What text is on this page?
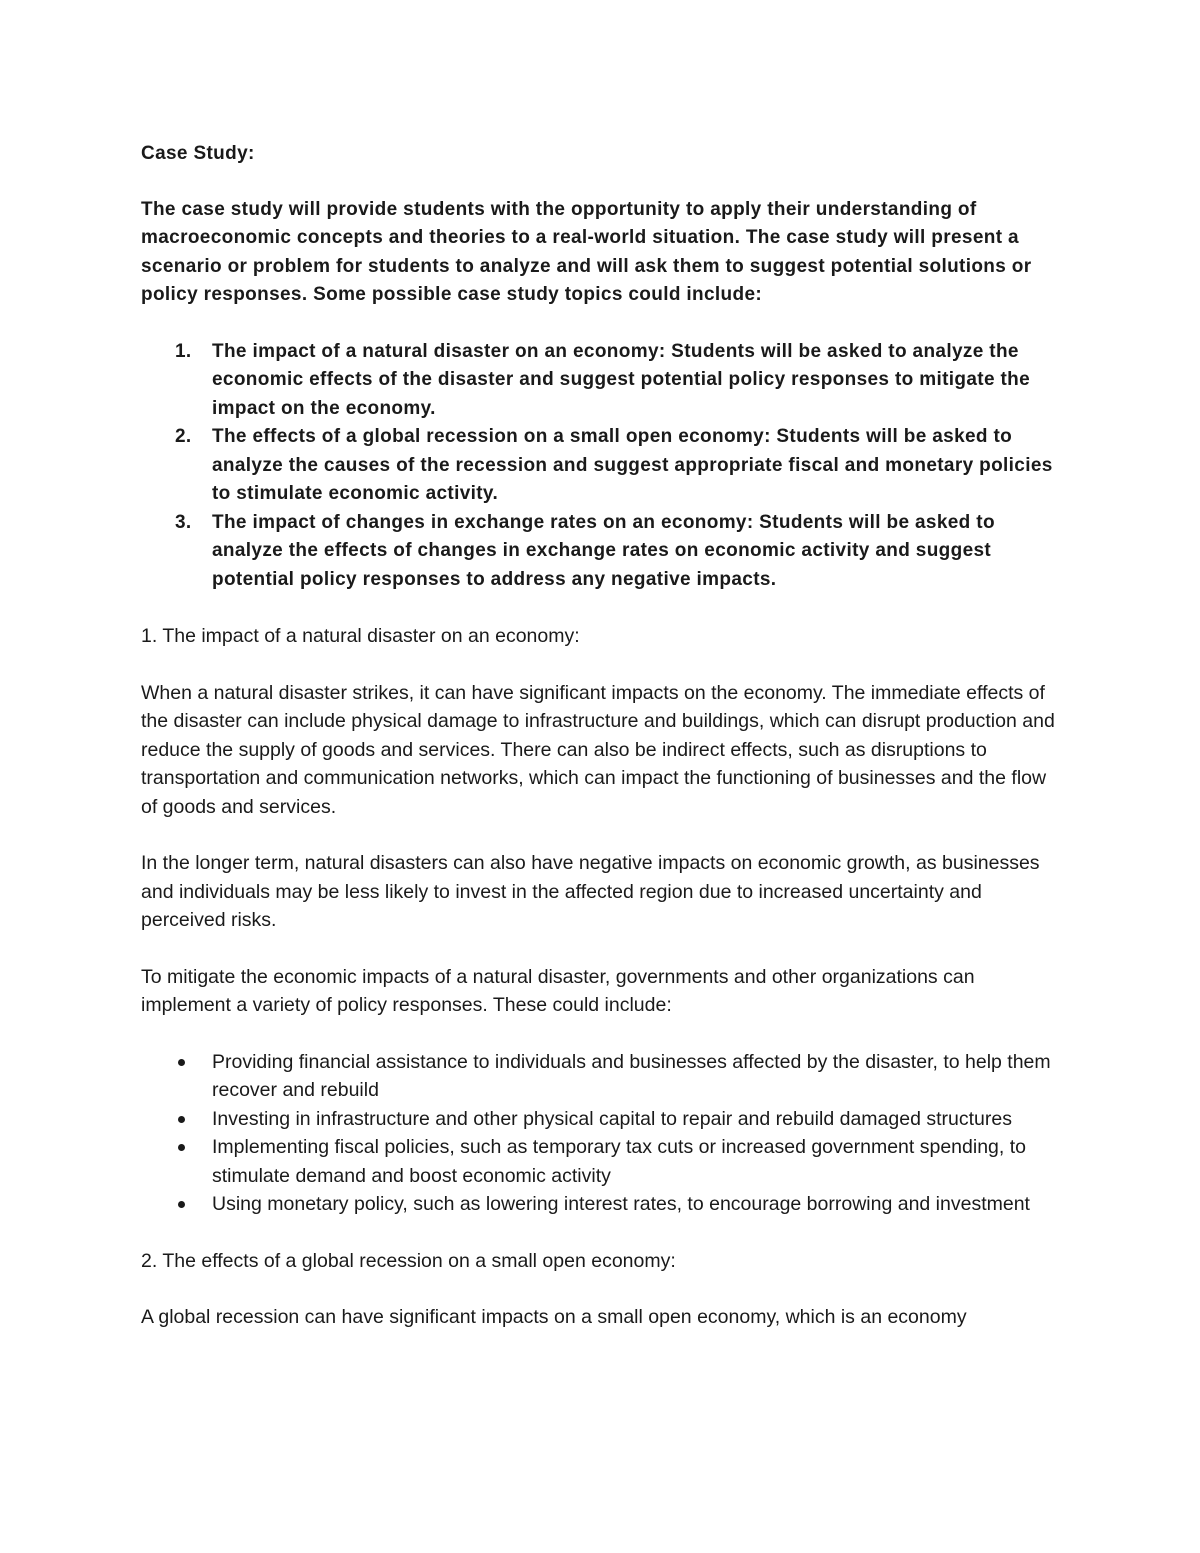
Case Study:
The case study will provide students with the opportunity to apply their understanding of macroeconomic concepts and theories to a real-world situation. The case study will present a scenario or problem for students to analyze and will ask them to suggest potential solutions or policy responses. Some possible case study topics could include:
1. The impact of a natural disaster on an economy: Students will be asked to analyze the economic effects of the disaster and suggest potential policy responses to mitigate the impact on the economy.
2. The effects of a global recession on a small open economy: Students will be asked to analyze the causes of the recession and suggest appropriate fiscal and monetary policies to stimulate economic activity.
3. The impact of changes in exchange rates on an economy: Students will be asked to analyze the effects of changes in exchange rates on economic activity and suggest potential policy responses to address any negative impacts.
1. The impact of a natural disaster on an economy:

When a natural disaster strikes, it can have significant impacts on the economy. The immediate effects of the disaster can include physical damage to infrastructure and buildings, which can disrupt production and reduce the supply of goods and services. There can also be indirect effects, such as disruptions to transportation and communication networks, which can impact the functioning of businesses and the flow of goods and services.

In the longer term, natural disasters can also have negative impacts on economic growth, as businesses and individuals may be less likely to invest in the affected region due to increased uncertainty and perceived risks.

To mitigate the economic impacts of a natural disaster, governments and other organizations can implement a variety of policy responses. These could include:

Providing financial assistance to individuals and businesses affected by the disaster, to help them recover and rebuild
Investing in infrastructure and other physical capital to repair and rebuild damaged structures
Implementing fiscal policies, such as temporary tax cuts or increased government spending, to stimulate demand and boost economic activity
Using monetary policy, such as lowering interest rates, to encourage borrowing and investment
2. The effects of a global recession on a small open economy:

A global recession can have significant impacts on a small open economy, which is an economy
